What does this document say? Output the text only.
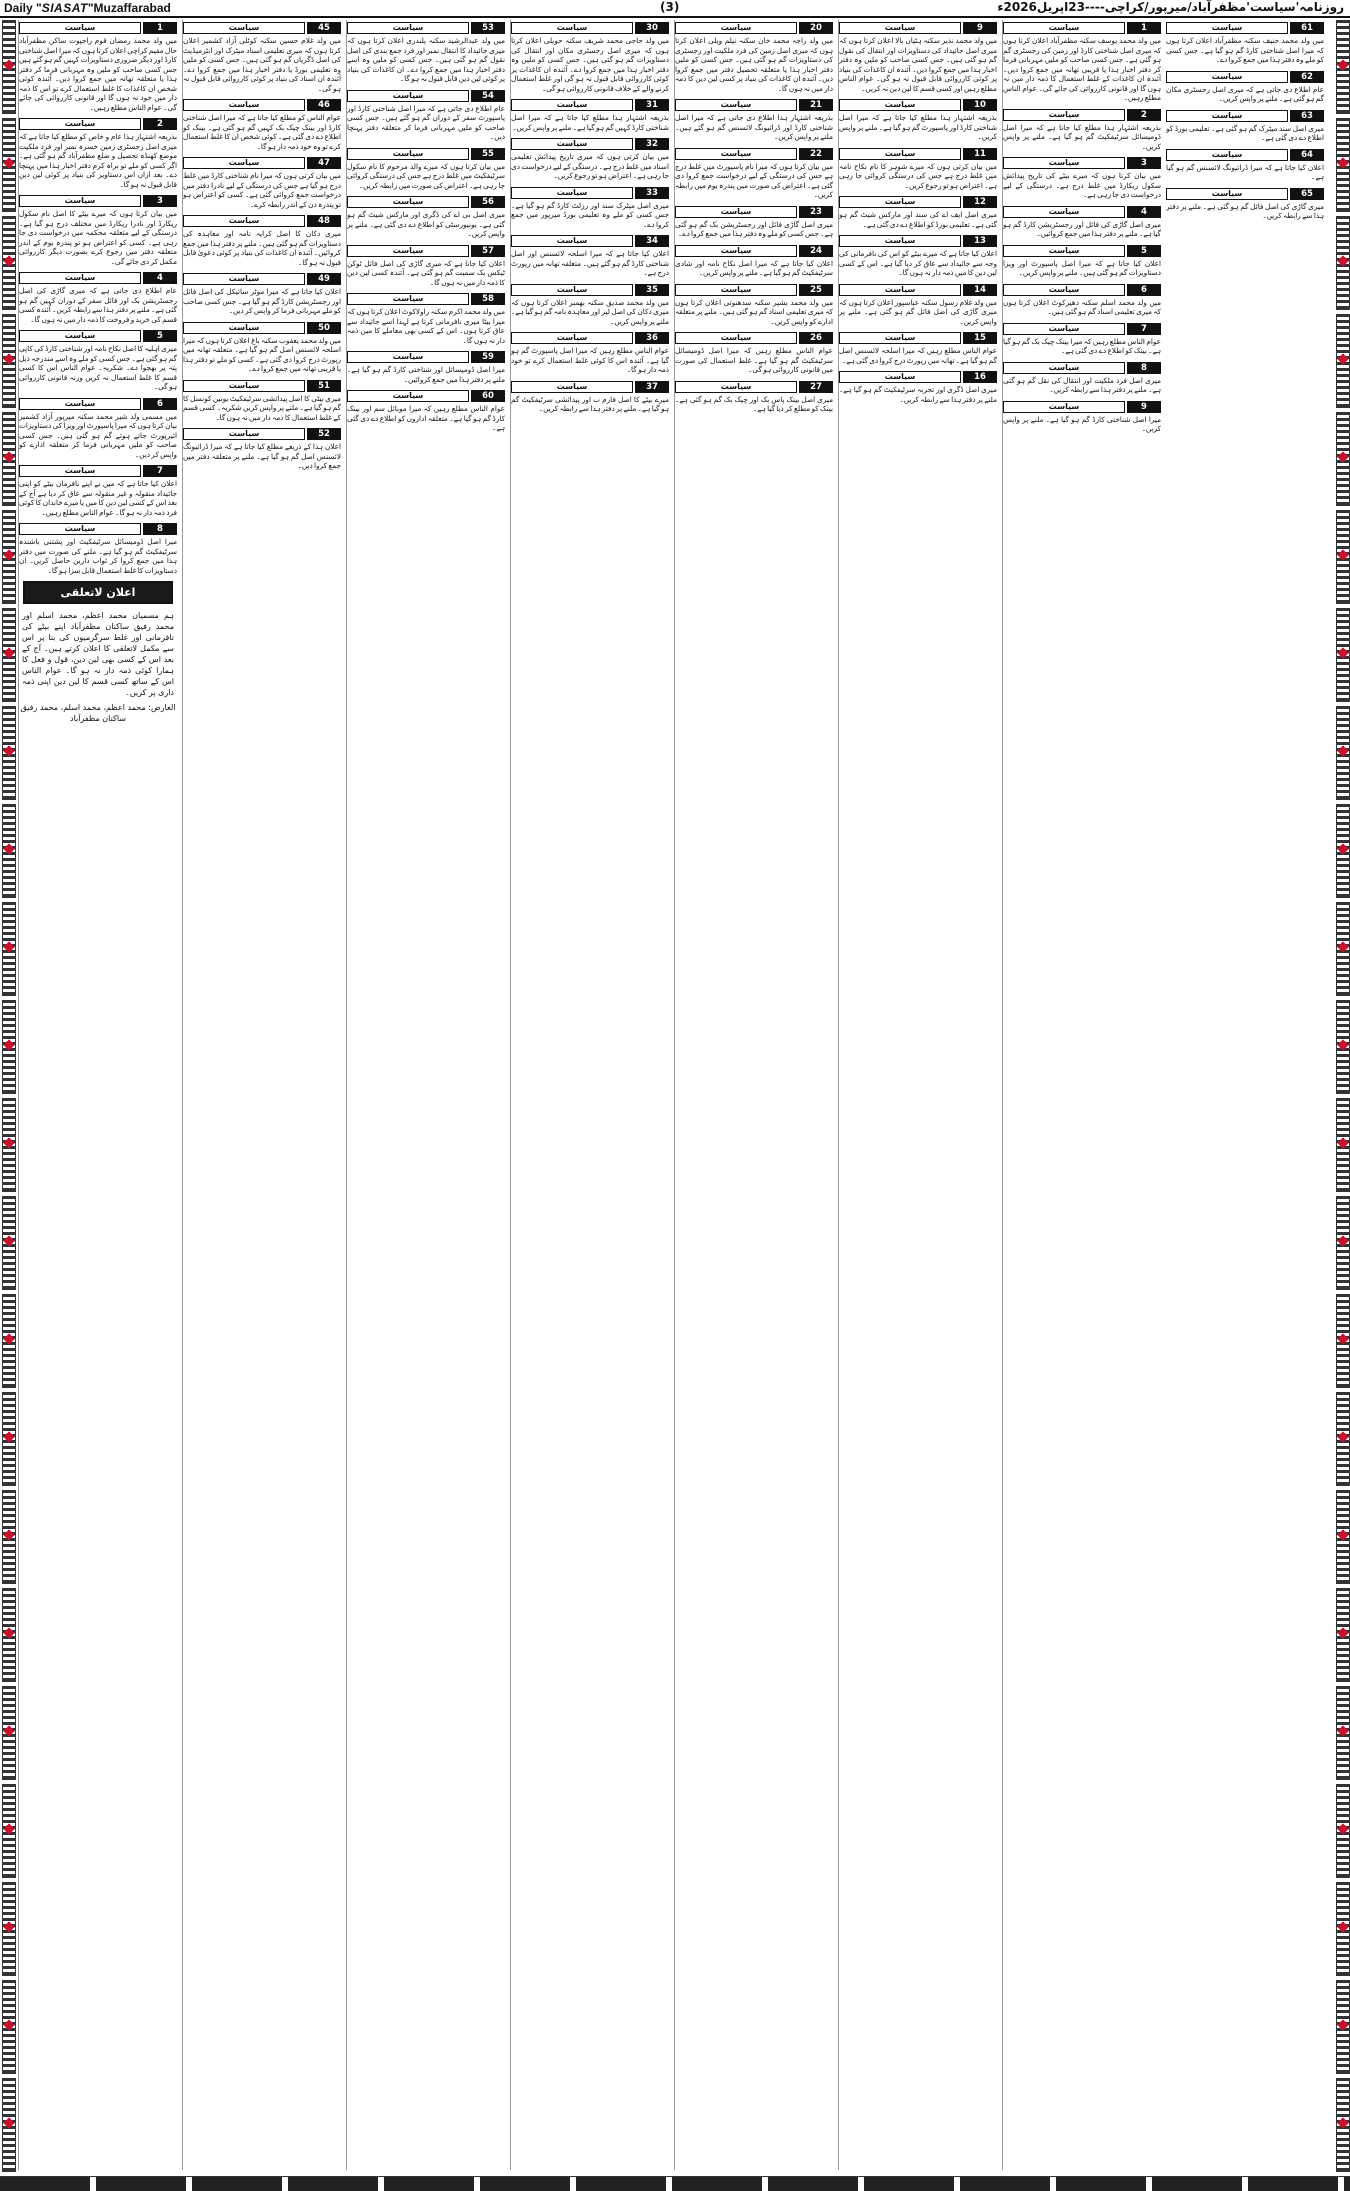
Daily "SIASAT"Muzaffarabad	(3)	روزنامہ'سیاست'مظفرآباد/میرپور/کراچی----23اپریل2026ء
1
سیاست
میں ولد محمد رمضان قوم راجپوت ساکن مظفرآباد حال مقیم کراچی اعلان کرتا ہوں کہ میرا اصل شناختی کارڈ اور دیگر ضروری دستاویزات کہیں گم ہو گئے ہیں جس کسی صاحب کو ملیں وہ مہربانی فرما کر دفتر ہذا یا متعلقہ تھانہ میں جمع کروا دیں۔ آئندہ کوئی شخص ان کاغذات کا غلط استعمال کرے تو اس کا ذمہ دار میں خود نہ ہوں گا اور قانونی کارروائی کی جائے گی۔ عوام الناس مطلع رہیں۔
2
سیاست
بذریعہ اشتہار ہذا عام و خاص کو مطلع کیا جاتا ہے کہ میری اصل رجسٹری زمین خسرہ نمبر اور فرد ملکیت موضع کھنڈہ تحصیل و ضلع مظفرآباد گم ہو گئی ہے۔ اگر کسی کو ملے تو براہ کرم دفتر اخبار ہذا میں پہنچا دے۔ بعد ازاں اس دستاویز کی بنیاد پر کوئی لین دین قابل قبول نہ ہو گا۔
3
سیاست
میں بیان کرتا ہوں کہ میرے بیٹے کا اصل نام سکول ریکارڈ اور نادرا ریکارڈ میں مختلف درج ہو گیا ہے۔ درستگی کے لیے متعلقہ محکمہ میں درخواست دی جا رہی ہے۔ کسی کو اعتراض ہو تو پندرہ یوم کے اندر متعلقہ دفتر میں رجوع کرے بصورت دیگر کارروائی مکمل کر دی جائے گی۔
4
سیاست
عام اطلاع دی جاتی ہے کہ میری گاڑی کی اصل رجسٹریشن بک اور فائل سفر کے دوران کہیں گم ہو گئی ہے۔ ملنے پر دفتر ہذا سے رابطہ کریں۔ آئندہ کسی قسم کی خرید و فروخت کا ذمہ دار میں نہ ہوں گا۔
5
سیاست
میری اہلیہ کا اصل نکاح نامہ اور شناختی کارڈ کی کاپی گم ہو گئی ہے۔ جس کسی کو ملے وہ اسے مندرجہ ذیل پتہ پر بھجوا دے۔ شکریہ۔ عوام الناس اس کا کسی قسم کا غلط استعمال نہ کریں ورنہ قانونی کارروائی ہو گی۔
6
سیاست
میں مسمی ولد شیر محمد سکنہ میرپور آزاد کشمیر بیان کرتا ہوں کہ میرا پاسپورٹ اور ویزا کی دستاویزات ائیرپورٹ جاتے ہوئے گم ہو گئی ہیں۔ جس کسی صاحب کو ملیں مہربانی فرما کر متعلقہ ادارے کو واپس کر دیں۔
7
سیاست
اعلان کیا جاتا ہے کہ میں نے اپنے نافرمان بیٹے کو اپنی جائیداد منقولہ و غیر منقولہ سے عاق کر دیا ہے آج کے بعد اس کے کسی لین دین کا میں یا میرے خاندان کا کوئی فرد ذمہ دار نہ ہو گا۔ عوام الناس مطلع رہیں۔
8
سیاست
میرا اصل ڈومیسائل سرٹیفکیٹ اور پشتنی باشندہ سرٹیفکیٹ گم ہو گیا ہے۔ ملنے کی صورت میں دفتر ہذا میں جمع کروا کر ثواب دارین حاصل کریں۔ ان دستاویزات کا غلط استعمال قابل سزا ہو گا۔
اعلان لاتعلقی
ہم مسمیان محمد اعظم، محمد اسلم اور محمد رفیق ساکنان مظفرآباد اپنے بیٹے کی نافرمانی اور غلط سرگرمیوں کی بنا پر اس سے مکمل لاتعلقی کا اعلان کرتے ہیں۔ آج کے بعد اس کے کسی بھی لین دین، قول و فعل کا ہمارا کوئی ذمہ دار نہ ہو گا۔ عوام الناس اس کے ساتھ کسی قسم کا لین دین اپنی ذمہ داری پر کریں۔
العارض: محمد اعظم، محمد اسلم، محمد رفیق ساکنان مظفرآباد
45
سیاست
میں ولد غلام حسین سکنہ کوٹلی آزاد کشمیر اعلان کرتا ہوں کہ میری تعلیمی اسناد میٹرک اور انٹرمیڈیٹ کی اصل ڈگریاں گم ہو گئی ہیں۔ جس کسی کو ملیں وہ تعلیمی بورڈ یا دفتر اخبار ہذا میں جمع کروا دے۔ آئندہ ان اسناد کی بنیاد پر کوئی کارروائی قابل قبول نہ ہو گی۔
46
سیاست
عوام الناس کو مطلع کیا جاتا ہے کہ میرا اصل شناختی کارڈ اور بینک چیک بک کہیں گم ہو گئی ہے۔ بینک کو اطلاع دے دی گئی ہے۔ کوئی شخص ان کا غلط استعمال کرے تو وہ خود ذمہ دار ہو گا۔
47
سیاست
میں بیان کرتی ہوں کہ میرا نام شناختی کارڈ میں غلط درج ہو گیا ہے جس کی درستگی کے لیے نادرا دفتر میں درخواست جمع کروائی گئی ہے۔ کسی کو اعتراض ہو تو پندرہ دن کے اندر رابطہ کرے۔
48
سیاست
میری دکان کا اصل کرایہ نامہ اور معاہدہ کی دستاویزات گم ہو گئی ہیں۔ ملنے پر دفتر ہذا میں جمع کروائیں۔ آئندہ ان کاغذات کی بنیاد پر کوئی دعویٰ قابل قبول نہ ہو گا۔
49
سیاست
اعلان کیا جاتا ہے کہ میرا موٹر سائیکل کی اصل فائل اور رجسٹریشن کارڈ گم ہو گیا ہے۔ جس کسی صاحب کو ملے مہربانی فرما کر واپس کر دیں۔
50
سیاست
میں ولد محمد یعقوب سکنہ باغ اعلان کرتا ہوں کہ میرا اسلحہ لائسنس اصل گم ہو گیا ہے۔ متعلقہ تھانہ میں رپورٹ درج کروا دی گئی ہے۔ کسی کو ملے تو دفتر ہذا یا قریبی تھانہ میں جمع کروا دے۔
51
سیاست
میری بیٹی کا اصل پیدائشی سرٹیفکیٹ یونین کونسل کا گم ہو گیا ہے۔ ملنے پر واپس کریں شکریہ۔ کسی قسم کے غلط استعمال کا ذمہ دار میں نہ ہوں گا۔
52
سیاست
اعلان ہذا کے ذریعے مطلع کیا جاتا ہے کہ میرا ڈرائیونگ لائسنس اصل گم ہو گیا ہے۔ ملنے پر متعلقہ دفتر میں جمع کروا دیں۔
53
سیاست
میں ولد عبدالرشید سکنہ پلندری اعلان کرتا ہوں کہ میری جائیداد کا انتقال نمبر اور فرد جمع بندی کی اصل نقول گم ہو گئی ہیں۔ جس کسی کو ملیں وہ اسے دفتر اخبار ہذا میں جمع کروا دے۔ ان کاغذات کی بنیاد پر کوئی لین دین قابل قبول نہ ہو گا۔
54
سیاست
عام اطلاع دی جاتی ہے کہ میرا اصل شناختی کارڈ اور پاسپورٹ سفر کے دوران گم ہو گئے ہیں۔ جس کسی صاحب کو ملیں مہربانی فرما کر متعلقہ دفتر پہنچا دیں۔
55
سیاست
میں بیان کرتا ہوں کہ میرے والد مرحوم کا نام سکول سرٹیفکیٹ میں غلط درج ہے جس کی درستگی کروائی جا رہی ہے۔ اعتراض کی صورت میں رابطہ کریں۔
56
سیاست
میری اصل بی اے کی ڈگری اور مارکس شیٹ گم ہو گئی ہے۔ یونیورسٹی کو اطلاع دے دی گئی ہے۔ ملنے پر واپس کریں۔
57
سیاست
اعلان کیا جاتا ہے کہ میری گاڑی کی اصل فائل ٹوکن ٹیکس بک سمیت گم ہو گئی ہے۔ آئندہ کسی لین دین کا ذمہ دار میں نہ ہوں گا۔
58
سیاست
میں ولد محمد اکرم سکنہ راولاکوٹ اعلان کرتا ہوں کہ میرا بیٹا میری نافرمانی کرتا ہے لہذا اسے جائیداد سے عاق کرتا ہوں۔ اس کے کسی بھی معاملے کا میں ذمہ دار نہ ہوں گا۔
59
سیاست
میرا اصل ڈومیسائل اور شناختی کارڈ گم ہو گیا ہے۔ ملنے پر دفتر ہذا میں جمع کروائیں۔
60
سیاست
عوام الناس مطلع رہیں کہ میرا موبائل سم اور بینک کارڈ گم ہو گیا ہے۔ متعلقہ اداروں کو اطلاع دے دی گئی ہے۔
30
سیاست
میں ولد حاجی محمد شریف سکنہ حویلی اعلان کرتا ہوں کہ میری اصل رجسٹری مکان اور انتقال کی دستاویزات گم ہو گئی ہیں۔ جس کسی کو ملیں وہ دفتر اخبار ہذا میں جمع کروا دے۔ آئندہ ان کاغذات پر کوئی کارروائی قابل قبول نہ ہو گی اور غلط استعمال کرنے والے کے خلاف قانونی کارروائی ہو گی۔
31
سیاست
بذریعہ اشتہار ہذا مطلع کیا جاتا ہے کہ میرا اصل شناختی کارڈ کہیں گم ہو گیا ہے۔ ملنے پر واپس کریں۔
32
سیاست
میں بیان کرتی ہوں کہ میری تاریخ پیدائش تعلیمی اسناد میں غلط درج ہے۔ درستگی کے لیے درخواست دی جا رہی ہے۔ اعتراض ہو تو رجوع کریں۔
33
سیاست
میری اصل میٹرک سند اور رزلٹ کارڈ گم ہو گیا ہے۔ جس کسی کو ملے وہ تعلیمی بورڈ میرپور میں جمع کروا دے۔
34
سیاست
اعلان کیا جاتا ہے کہ میرا اسلحہ لائسنس اور اصل شناختی کارڈ گم ہو گئے ہیں۔ متعلقہ تھانہ میں رپورٹ درج ہے۔
35
سیاست
میں ولد محمد صدیق سکنہ بھمبر اعلان کرتا ہوں کہ میری دکان کی اصل لیز اور معاہدہ نامہ گم ہو گیا ہے۔ ملنے پر واپس کریں۔
36
سیاست
عوام الناس مطلع رہیں کہ میرا اصل پاسپورٹ گم ہو گیا ہے۔ آئندہ اس کا کوئی غلط استعمال کرے تو خود ذمہ دار ہو گا۔
37
سیاست
میرے بیٹے کا اصل فارم ب اور پیدائشی سرٹیفکیٹ گم ہو گیا ہے۔ ملنے پر دفتر ہذا سے رابطہ کریں۔
20
سیاست
میں ولد راجہ محمد خان سکنہ نیلم ویلی اعلان کرتا ہوں کہ میری اصل زمین کی فرد ملکیت اور رجسٹری کی دستاویزات گم ہو گئی ہیں۔ جس کسی کو ملیں دفتر اخبار ہذا یا متعلقہ تحصیل دفتر میں جمع کروا دیں۔ آئندہ ان کاغذات کی بنیاد پر کسی لین دین کا ذمہ دار میں نہ ہوں گا۔
21
سیاست
بذریعہ اشتہار ہذا اطلاع دی جاتی ہے کہ میرا اصل شناختی کارڈ اور ڈرائیونگ لائسنس گم ہو گئے ہیں۔ ملنے پر واپس کریں۔
22
سیاست
میں بیان کرتا ہوں کہ میرا نام پاسپورٹ میں غلط درج ہے جس کی درستگی کے لیے درخواست جمع کروا دی گئی ہے۔ اعتراض کی صورت میں پندرہ یوم میں رابطہ کریں۔
23
سیاست
میری اصل گاڑی فائل اور رجسٹریشن بک گم ہو گئی ہے۔ جس کسی کو ملے وہ دفتر ہذا میں جمع کروا دے۔
24
سیاست
اعلان کیا جاتا ہے کہ میرا اصل نکاح نامہ اور شادی سرٹیفکیٹ گم ہو گیا ہے۔ ملنے پر واپس کریں۔
25
سیاست
میں ولد محمد بشیر سکنہ سدھنوتی اعلان کرتا ہوں کہ میری تعلیمی اسناد گم ہو گئی ہیں۔ ملنے پر متعلقہ ادارے کو واپس کریں۔
26
سیاست
عوام الناس مطلع رہیں کہ میرا اصل ڈومیسائل سرٹیفکیٹ گم ہو گیا ہے۔ غلط استعمال کی صورت میں قانونی کارروائی ہو گی۔
27
سیاست
میری اصل بینک پاس بک اور چیک بک گم ہو گئی ہے۔ بینک کو مطلع کر دیا گیا ہے۔
9
سیاست
میں ولد محمد نذیر سکنہ ہٹیاں بالا اعلان کرتا ہوں کہ میری اصل جائیداد کی دستاویزات اور انتقال کی نقول گم ہو گئی ہیں۔ جس کسی صاحب کو ملیں وہ دفتر اخبار ہذا میں جمع کروا دیں۔ آئندہ ان کاغذات کی بنیاد پر کوئی کارروائی قابل قبول نہ ہو گی۔ عوام الناس مطلع رہیں اور کسی قسم کا لین دین نہ کریں۔
10
سیاست
بذریعہ اشتہار ہذا مطلع کیا جاتا ہے کہ میرا اصل شناختی کارڈ اور پاسپورٹ گم ہو گیا ہے۔ ملنے پر واپس کریں۔
11
سیاست
میں بیان کرتی ہوں کہ میرے شوہر کا نام نکاح نامہ میں غلط درج ہے جس کی درستگی کروائی جا رہی ہے۔ اعتراض ہو تو رجوع کریں۔
12
سیاست
میری اصل ایف اے کی سند اور مارکس شیٹ گم ہو گئی ہے۔ تعلیمی بورڈ کو اطلاع دے دی گئی ہے۔
13
سیاست
اعلان کیا جاتا ہے کہ میرے بیٹے کو اس کی نافرمانی کی وجہ سے جائیداد سے عاق کر دیا گیا ہے۔ اس کے کسی لین دین کا میں ذمہ دار نہ ہوں گا۔
14
سیاست
میں ولد غلام رسول سکنہ عباسپور اعلان کرتا ہوں کہ میری گاڑی کی اصل فائل گم ہو گئی ہے۔ ملنے پر واپس کریں۔
15
سیاست
عوام الناس مطلع رہیں کہ میرا اسلحہ لائسنس اصل گم ہو گیا ہے۔ تھانہ میں رپورٹ درج کروا دی گئی ہے۔
16
سیاست
میری اصل ڈگری اور تجربہ سرٹیفکیٹ گم ہو گیا ہے۔ ملنے پر دفتر ہذا سے رابطہ کریں۔
1
سیاست
میں ولد محمد یوسف سکنہ مظفرآباد اعلان کرتا ہوں کہ میری اصل شناختی کارڈ اور زمین کی رجسٹری گم ہو گئی ہے۔ جس کسی صاحب کو ملیں مہربانی فرما کر دفتر اخبار ہذا یا قریبی تھانہ میں جمع کروا دیں۔ آئندہ ان کاغذات کے غلط استعمال کا ذمہ دار میں نہ ہوں گا اور قانونی کارروائی کی جائے گی۔ عوام الناس مطلع رہیں۔
2
سیاست
بذریعہ اشتہار ہذا مطلع کیا جاتا ہے کہ میرا اصل ڈومیسائل سرٹیفکیٹ گم ہو گیا ہے۔ ملنے پر واپس کریں۔
3
سیاست
میں بیان کرتا ہوں کہ میرے بیٹے کی تاریخ پیدائش سکول ریکارڈ میں غلط درج ہے۔ درستگی کے لیے درخواست دی جا رہی ہے۔
4
سیاست
میری اصل گاڑی کی فائل اور رجسٹریشن کارڈ گم ہو گیا ہے۔ ملنے پر دفتر ہذا میں جمع کروائیں۔
5
سیاست
اعلان کیا جاتا ہے کہ میرا اصل پاسپورٹ اور ویزا دستاویزات گم ہو گئی ہیں۔ ملنے پر واپس کریں۔
6
سیاست
میں ولد محمد اسلم سکنہ دھیرکوٹ اعلان کرتا ہوں کہ میری تعلیمی اسناد گم ہو گئی ہیں۔
7
سیاست
عوام الناس مطلع رہیں کہ میرا بینک چیک بک گم ہو گیا ہے۔ بینک کو اطلاع دے دی گئی ہے۔
8
سیاست
میری اصل فرد ملکیت اور انتقال کی نقل گم ہو گئی ہے۔ ملنے پر دفتر ہذا سے رابطہ کریں۔
9
سیاست
میرا اصل شناختی کارڈ گم ہو گیا ہے۔ ملنے پر واپس کریں۔
61
سیاست
میں ولد محمد حنیف سکنہ مظفرآباد اعلان کرتا ہوں کہ میرا اصل شناختی کارڈ گم ہو گیا ہے۔ جس کسی کو ملے وہ دفتر ہذا میں جمع کروا دے۔
62
سیاست
عام اطلاع دی جاتی ہے کہ میری اصل رجسٹری مکان گم ہو گئی ہے۔ ملنے پر واپس کریں۔
63
سیاست
میری اصل سند میٹرک گم ہو گئی ہے۔ تعلیمی بورڈ کو اطلاع دے دی گئی ہے۔
64
سیاست
اعلان کیا جاتا ہے کہ میرا ڈرائیونگ لائسنس گم ہو گیا ہے۔
65
سیاست
میری گاڑی کی اصل فائل گم ہو گئی ہے۔ ملنے پر دفتر ہذا سے رابطہ کریں۔
